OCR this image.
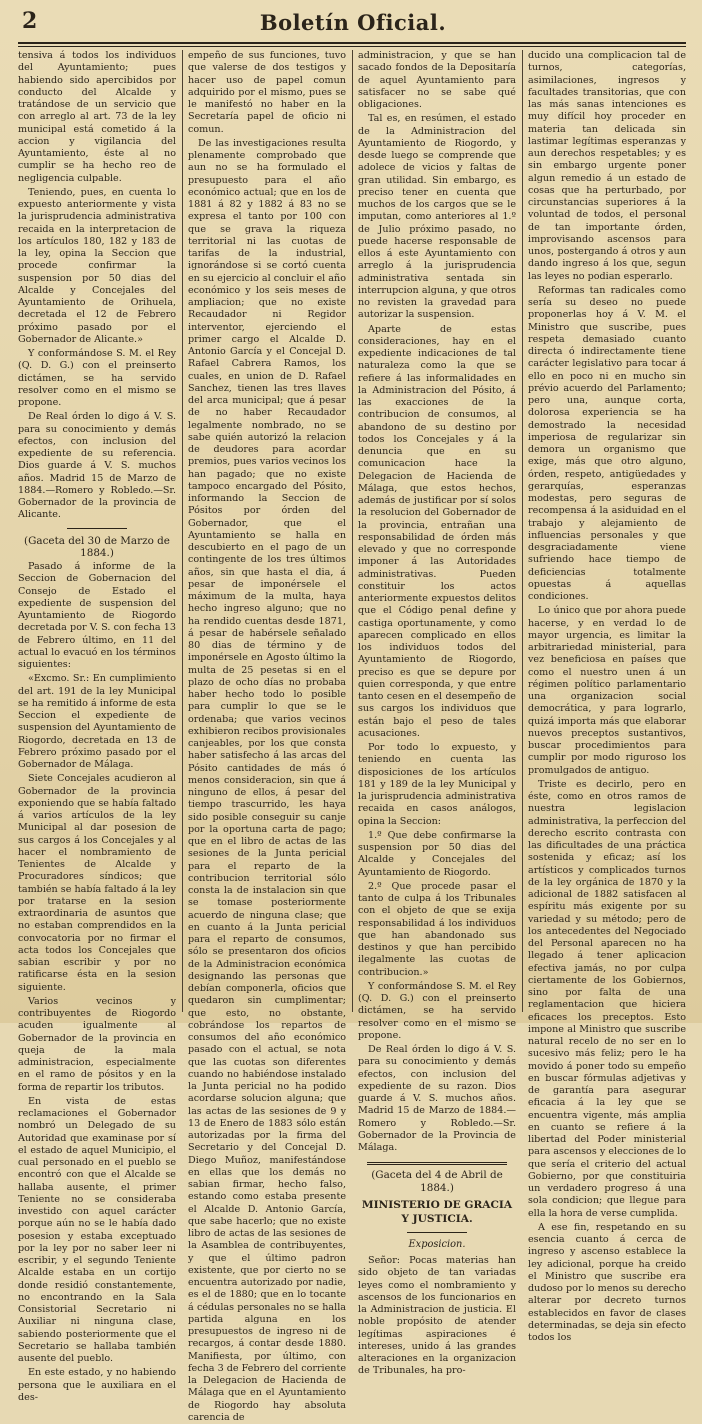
2	Boletín Oficial.

tensiva á todos los individuos del Ayuntamiento; pues habiendo sido apercibidos por conducto del Alcalde y tratándose de un servicio que con arreglo al art. 73 de la ley municipal está cometido á la accion y vigilancia del Ayuntamiento, éste al no cumplir se ha hecho reo de negligencia culpable.

Teniendo, pues, en cuenta lo expuesto anteriormente y vista la jurisprudencia administrativa recaida en la interpretacion de los artículos 180, 182 y 183 de la ley, opina la Seccion que procede confirmar la suspension por 50 dias del Alcalde y Concejales del Ayuntamiento de Orihuela, decretada el 12 de Febrero próximo pasado por el Gobernador de Alicante.»

Y conformándose S. M. el Rey (Q. D. G.) con el preinserto dictámen, se ha servido resolver como en el mismo se propone.

De Real órden lo digo á V. S. para su conocimiento y demás efectos, con inclusion del expediente de su referencia. Dios guarde á V. S. muchos años. Madrid 15 de Marzo de 1884.—Romero y Robledo.—Sr. Gobernador de la provincia de Alicante.

(Gaceta del 30 de Marzo de 1884.)

Pasado á informe de la Seccion de Gobernacion del Consejo de Estado el expediente de suspension del Ayuntamiento de Riogordo decretada por V. S. con fecha 13 de Febrero último, en 11 del actual lo evacuó en los términos siguientes:

«Excmo. Sr.: En cumplimiento del art. 191 de la ley Municipal se ha remitido á informe de esta Seccion el expediente de suspension del Ayuntamiento de Riogordo, decretada en 13 de Febrero próximo pasado por el Gobernador de Málaga.

Siete Concejales acudieron al Gobernador de la provincia exponiendo que se había faltado á varios artículos de la ley Municipal al dar posesion de sus cargos á los Concejales y al hacer el nombramiento de Tenientes de Alcalde y Procuradores síndicos; que también se había faltado á la ley por tratarse en la sesion extraordinaria de asuntos que no estaban comprendidos en la convocatoria por no firmar el acta todos los Concejales que sabian escribir y por no ratificarse ésta en la sesion siguiente.

Varios vecinos y contribuyentes de Riogordo acuden igualmente al Gobernador de la provincia en queja de la mala administracion, especialmente en el ramo de pósitos y en la forma de repartir los tributos.

En vista de estas reclamaciones el Gobernador nombró un Delegado de su Autoridad que examinase por sí el estado de aquel Municipio, el cual personado en el pueblo se encontró con que el Alcalde se hallaba ausente, el primer Teniente no se consideraba investido con aquel carácter porque aún no se le había dado posesion y estaba exceptuado por la ley por no saber leer ni escribir, y el segundo Teniente Alcalde estaba en un cortijo donde residió constantemente, no encontrando en la Sala Consistorial Secretario ni Auxiliar ni ninguna clase, sabiendo posteriormente que el Secretario se hallaba también ausente del pueblo.

En este estado, y no habiendo persona que le auxiliara en el des-

empeño de sus funciones, tuvo que valerse de dos testigos y hacer uso de papel comun adquirido por el mismo, pues se le manifestó no haber en la Secretaría papel de oficio ni comun.

De las investigaciones resulta plenamente comprobado que aun no se ha formulado el presupuesto para el año económico actual; que en los de 1881 á 82 y 1882 á 83 no se expresa el tanto por 100 con que se grava la riqueza territorial ni las cuotas de tarifas de la industrial, ignorándose si se cortó cuenta en su ejercicio al concluir el año económico y los seis meses de ampliacion; que no existe Recaudador ni Regidor interventor, ejerciendo el primer cargo el Alcalde D. Antonio García y el Concejal D. Rafael Cabrera Ramos, los cuales, en union de D. Rafael Sanchez, tienen las tres llaves del arca municipal; que á pesar de no haber Recaudador legalmente nombrado, no se sabe quién autorizó la relacion de deudores para acordar premios, pues varios vecinos los han pagado; que no existe tampoco encargado del Pósito, informando la Seccion de Pósitos por órden del Gobernador, que el Ayuntamiento se halla en descubierto en el pago de un contingente de los tres últimos años, sin que hasta el dia, á pesar de imponérsele el máximum de la multa, haya hecho ingreso alguno; que no ha rendido cuentas desde 1871, á pesar de habérsele señalado 80 dias de término y de imponérsele en Agosto último la multa de 25 pesetas si en el plazo de ocho días no probaba haber hecho todo lo posible para cumplir lo que se le ordenaba; que varios vecinos exhibieron recibos provisionales canjeables, por los que consta haber satisfecho á las arcas del Pósito cantidades de más ó menos consideracion, sin que á ninguno de ellos, á pesar del tiempo trascurrido, les haya sido posible conseguir su canje por la oportuna carta de pago; que en el libro de actas de las sesiones de la Junta pericial para el reparto de la contribucion territorial sólo consta la de instalacion sin que se tomase posteriormente acuerdo de ninguna clase; que en cuanto á la Junta pericial para el reparto de consumos, sólo se presentaron dos oficios de la Administracion económica designando las personas que debían componerla, oficios que quedaron sin cumplimentar; que esto, no obstante, cobrándose los repartos de consumos del año económico pasado con el actual, se nota que las cuotas son diferentes cuando no habiéndose instalado la Junta pericial no ha podido acordarse solucion alguna; que las actas de las sesiones de 9 y 13 de Enero de 1883 sólo están autorizadas por la firma del Secretario y del Concejal D. Diego Muñoz, manifestándose en ellas que los demás no sabian firmar, hecho falso, estando como estaba presente el Alcalde D. Antonio García, que sabe hacerlo; que no existe libro de actas de las sesiones de la Asamblea de contribuyentes, y que el último padron existente, que por cierto no se encuentra autorizado por nadie, es el de 1880; que en lo tocante á cédulas personales no se halla partida alguna en los presupuestos de ingreso ni de recargos, á contar desde 1880. Manifiesta, por último, con fecha 3 de Febrero del corriente la Delegacion de Hacienda de Málaga que en el Ayuntamiento de Riogordo hay absoluta carencia de

administracion, y que se han sacado fondos de la Depositaría de aquel Ayuntamiento para satisfacer no se sabe qué obligaciones.

Tal es, en resúmen, el estado de la Administracion del Ayuntamiento de Riogordo, y desde luego se comprende que adolece de vicios y faltas de gran utilidad. Sin embargo, es preciso tener en cuenta que muchos de los cargos que se le imputan, como anteriores al 1.º de Julio próximo pasado, no puede hacerse responsable de ellos á este Ayuntamiento con arreglo á la jurisprudencia administrativa sentada sin interrupcion alguna, y que otros no revisten la gravedad para autorizar la suspension.

Aparte de estas consideraciones, hay en el expediente indicaciones de tal naturaleza como la que se refiere á las informalidades en la Administracion del Pósito, á las exacciones de la contribucion de consumos, al abandono de su destino por todos los Concejales y á la denuncia que en su comunicacion hace la Delegacion de Hacienda de Málaga, que estos hechos, además de justificar por sí solos la resolucion del Gobernador de la provincia, entrañan una responsabilidad de órden más elevado y que no corresponde imponer á las Autoridades administrativas. Pueden constituir los actos anteriormente expuestos delitos que el Código penal define y castiga oportunamente, y como aparecen complicado en ellos los individuos todos del Ayuntamiento de Riogordo, preciso es que se depure por quien corresponda, y que entre tanto cesen en el desempeño de sus cargos los individuos que están bajo el peso de tales acusaciones.

Por todo lo expuesto, y teniendo en cuenta las disposiciones de los artículos 181 y 189 de la ley Municipal y la jurisprudencia administrativa recaida en casos análogos, opina la Seccion:

1.º Que debe confirmarse la suspension por 50 dias del Alcalde y Concejales del Ayuntamiento de Riogordo.

2.º Que procede pasar el tanto de culpa á los Tribunales con el objeto de que se exija responsabilidad á los individuos que han abandonado sus destinos y que han percibido ilegalmente las cuotas de contribucion.»

Y conformándose S. M. el Rey (Q. D. G.) con el preinserto dictámen, se ha servido resolver como en el mismo se propone.

De Real órden lo digo á V. S. para su conocimiento y demás efectos, con inclusion del expediente de su razon. Dios guarde á V. S. muchos años. Madrid 15 de Marzo de 1884.—Romero y Robledo.—Sr. Gobernador de la Provincia de Málaga.

(Gaceta del 4 de Abril de 1884.)

MINISTERIO DE GRACIA Y JUSTICIA.
Exposicion.

Señor: Pocas materias han sido objeto de tan variadas leyes como el nombramiento y ascensos de los funcionarios en la Administracion de justicia. El noble propósito de atender legítimas aspiraciones é intereses, unido á las grandes alteraciones en la organizacion de Tribunales, ha pro-

ducido una complicacion tal de turnos, categorías, asimilaciones, ingresos y facultades transitorias, que con las más sanas intenciones es muy difícil hoy proceder en materia tan delicada sin lastimar legítimas esperanzas y aun derechos respetables; y es sin embargo urgente poner algun remedio á un estado de cosas que ha perturbado, por circunstancias superiores á la voluntad de todos, el personal de tan importante órden, improvisando ascensos para unos, postergando á otros y aun dando ingreso á los que, segun las leyes no podian esperarlo.

Reformas tan radicales como sería su deseo no puede proponerlas hoy á V. M. el Ministro que suscribe, pues respeta demasiado cuanto directa ó indirectamente tiene carácter legislativo para tocar á ello en poco ni en mucho sin prévio acuerdo del Parlamento; pero una, aunque corta, dolorosa experiencia se ha demostrado la necesidad imperiosa de regularizar sin demora un organismo que exige, más que otro alguno, órden, respeto, antigüedades y gerarquías, esperanzas modestas, pero seguras de recompensa á la asiduidad en el trabajo y alejamiento de influencias personales y que desgraciadamente viene sufriendo hace tiempo de deficiencias totalmente opuestas á aquellas condiciones.

Lo único que por ahora puede hacerse, y en verdad lo de mayor urgencia, es limitar la arbitrariedad ministerial, para vez beneficiosa en países que como el nuestro unen á un régimen político parlamentario una organizacion social democrática, y para lograrlo, quizá importa más que elaborar nuevos preceptos sustantivos, buscar procedimientos para cumplir por modo riguroso los promulgados de antiguo.

Triste es decirlo, pero en éste, como en otros ramos de nuestra legislacion administrativa, la perfeccion del derecho escrito contrasta con las dificultades de una práctica sostenida y eficaz; así los artísticos y complicados turnos de la ley orgánica de 1870 y la adicional de 1882 satisfacen al espíritu más exigente por su variedad y su método; pero de los antecedentes del Negociado del Personal aparecen no ha llegado á tener aplicacion efectiva jamás, no por culpa ciertamente de los Gobiernos, sino por falta de una reglamentacion que hiciera eficaces los preceptos. Esto impone al Ministro que suscribe natural recelo de no ser en lo sucesivo más feliz; pero le ha movido á poner todo su empeño en buscar fórmulas adjetivas y de garantía para asegurar eficacia á la ley que se encuentra vigente, más amplia en cuanto se refiere á la libertad del Poder ministerial para ascensos y elecciones de lo que sería el criterio del actual Gobierno, por que constituiria un verdadero progreso á una sola condicion; que llegue para ella la hora de verse cumplida.

A ese fin, respetando en su esencia cuanto á cerca de ingreso y ascenso establece la ley adicional, porque ha creido el Ministro que suscribe era dudoso por lo menos su derecho alterar por decreto turnos establecidos en favor de clases determinadas, se deja sin efecto todos los
